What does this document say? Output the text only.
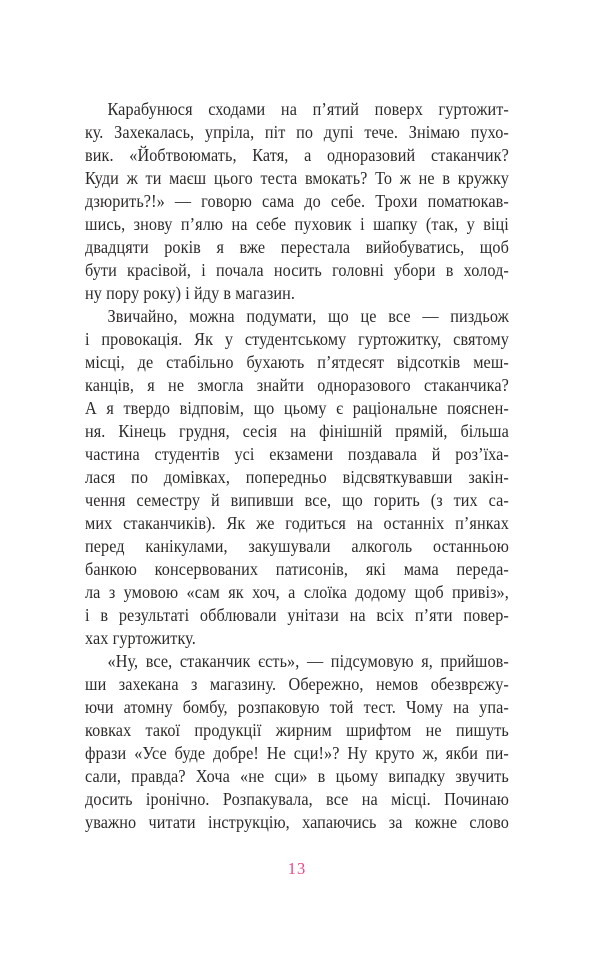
Карабунюся сходами на п’ятий поверх гуртожит-
ку. Захекалась, упріла, піт по дупі тече. Знімаю пухо-
вик. «Йобтвоюмать, Катя, а одноразовий стаканчик?
Куди ж ти маєш цього теста вмокать? То ж не в кружку
дзюрить?!» — говорю сама до себе. Трохи поматюкав-
шись, знову п’ялю на себе пуховик і шапку (так, у віці
двадцяти років я вже перестала вийобуватись, щоб
бути красівой, і почала носить головні убори в холод-
ну пору року) і йду в магазин.
Звичайно, можна подумати, що це все — пиздьож
і провокація. Як у студентському гуртожитку, святому
місці, де стабільно бухають п’ятдесят відсотків меш-
канців, я не змогла знайти одноразового стаканчика?
А я твердо відповім, що цьому є раціональне пояснен-
ня. Кінець грудня, сесія на фінішній прямій, більша
частина студентів усі екзамени поздавала й роз’їха-
лася по домівках, попередньо відсвяткувавши закін-
чення семестру й випивши все, що горить (з тих са-
мих стаканчиків). Як же годиться на останніх п’янках
перед канікулами, закушували алкоголь останньою
банкою консервованих патисонів, які мама переда-
ла з умовою «сам як хоч, а слоїка додому щоб привіз»,
і в результаті обблювали унітази на всіх п’яти повер-
хах гуртожитку.
«Ну, все, стаканчик єсть», — підсумовую я, прийшов-
ши захекана з магазину. Обережно, немов обезврєжу-
ючи атомну бомбу, розпаковую той тест. Чому на упа-
ковках такої продукції жирним шрифтом не пишуть
фрази «Усе буде добре! Не сци!»? Ну круто ж, якби пи-
сали, правда? Хоча «не сци» в цьому випадку звучить
досить іронічно. Розпакувала, все на місці. Починаю
уважно читати інструкцію, хапаючись за кожне слово
13
